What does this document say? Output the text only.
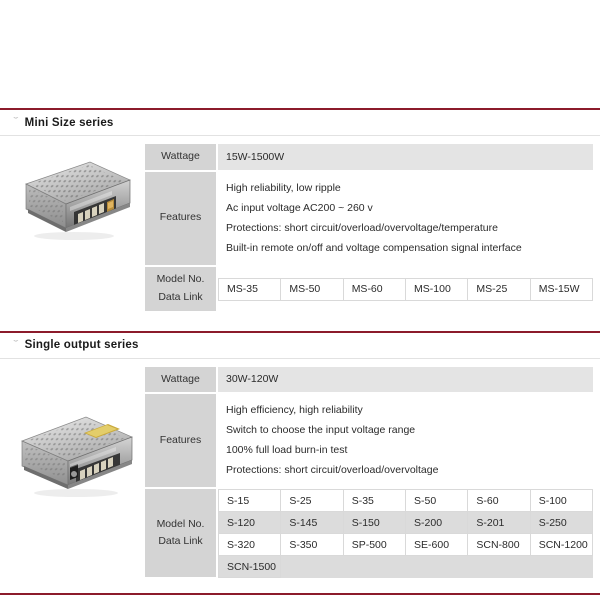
ˇ Mini Size series
Wattage	15W-1500W
Features	
High reliability, low ripple
Ac input voltage AC200 ~ 260 v
Protections: short circuit/overload/overvoltage/temperature
Built-in remote on/off and voltage compensation signal interface

Model No.
Data Link

MS-35	MS-50	MS-60	MS-100	MS-25	MS-15W
ˇ Single output series
Wattage	30W-120W
Features	
High efficiency, high reliability
Switch to choose the input voltage range
100% full load burn-in test
Protections: short circuit/overload/overvoltage

Model No.
Data Link

S-15	S-25	S-35	S-50	S-60	S-100
S-120	S-145	S-150	S-200	S-201	S-250
S-320	S-350	SP-500	SE-600	SCN-800	SCN-1200
SCN-1500					
